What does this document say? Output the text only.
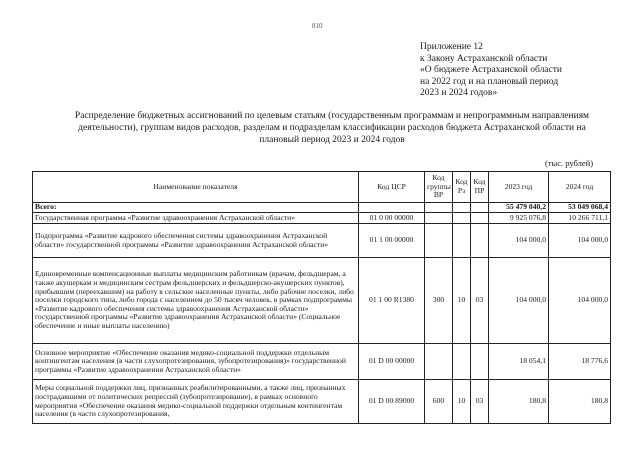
810
Приложение 12
к Закону Астраханской области
«О бюджете Астраханской области
на 2022 год и на плановый период
2023 и 2024 годов»
Распределение бюджетных ассигнований по целевым статьям (государственным программам и непрограммным направлениям деятельности), группам видов расходов, разделам и подразделам классификации расходов бюджета Астраханской области на плановый период 2023 и 2024 годов
(тыс. рублей)
Наименование показателя	Код ЦСР	Код группы ВР	Код Рз	Код ПР	2023 год	2024 год
Всего:					55 479 040,2	53 049 068,4
Государственная программа «Развитие здравоохранения Астраханской области»	01 0 00 00000				9 925 076,8	10 266 711,1
Подпрограмма «Развитие кадрового обеспечения системы здравоохранения Астраханской области» государственной программы «Развитие здравоохранения Астраханской области»	01 1 00 00000				104 000,0	104 000,0
Единовременные компенсационные выплаты медицинским работникам (врачам, фельдшерам, а также акушеркам и медицинским сестрам фельдшерских и фельдшерско-акушерских пунктов), прибывшим (переехавшим) на работу в сельские населенные пункты, либо рабочие поселки, либо поселки городского типа, либо города с населением до 50 тысяч человек, в рамках подпрограммы «Развитие кадрового обеспечения системы здравоохранения Астраханской области» государственной программы «Развитие здравоохранения Астраханской области» (Социальное обеспечение и иные выплаты населению)	01 1 00 R1380	300	10	03	104 000,0	104 000,0
Основное мероприятие «Обеспечение оказания медико-социальной поддержки отдельным контингентам населения (в части слухопротезирования, зубопротезирования)» государственной программы «Развитие здравоохранения Астраханской области»	01 D 00 00000				18 054,1	18 776,6
Меры социальной поддержки лиц, признанных реабилитированными, а также лиц, признанных пострадавшими от политических репрессий (зубопротезирование), в рамках основного мероприятия «Обеспечение оказания медико-социальной поддержки отдельным контингентам населения (в части слухопротезирования,	01 D 00 89000	600	10	03	180,8	180,8
